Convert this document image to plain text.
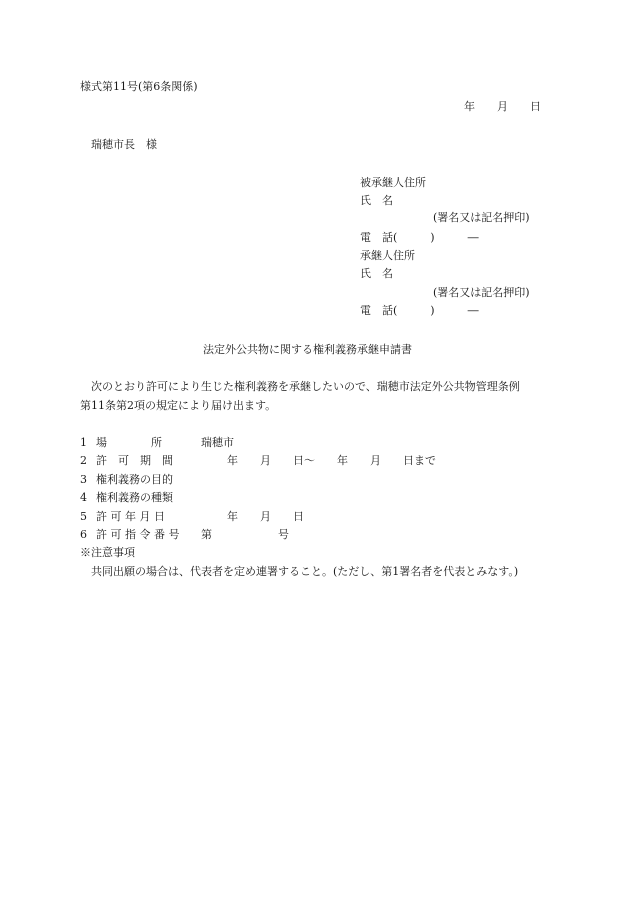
様式第11号(第6条関係)
年　　月　　日
瑞穂市長　様
被承継人住所
氏　名
(署名又は記名押印)
電　話(　　　)　　　―
承継人住所
氏　名
(署名又は記名押印)
電　話(　　　)　　　―
法定外公共物に関する権利義務承継申請書
次のとおり許可により生じた権利義務を承継したいので、瑞穂市法定外公共物管理条例
第11条第2項の規定により届け出ます。
1 場　　　　所	瑞穂市
2 許　可　期　間	年　　月　　日～　　年　　月　　日まで
3 権利義務の目的
4 権利義務の種類
5 許 可 年 月 日	年　　月　　日
6 許 可 指 令 番 号 第　　　　　　号
※注意事項
共同出願の場合は、代表者を定め連署すること。(ただし、第1署名者を代表とみなす。)
